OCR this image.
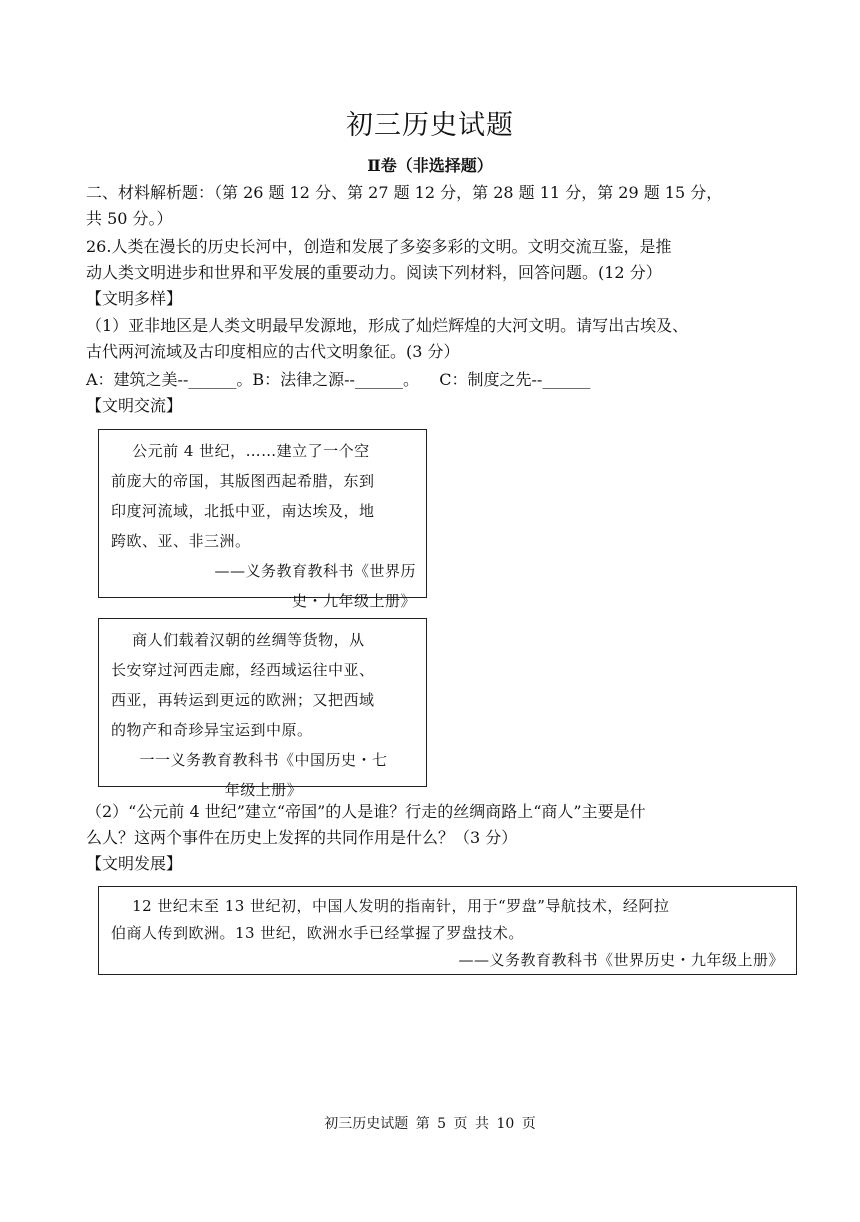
初三历史试题
Ⅱ卷（非选择题）
二、材料解析题：（第 26 题 12 分、第 27 题 12 分，第 28 题 11 分，第 29 题 15 分，
共 50 分。）
26.人类在漫长的历史长河中，创造和发展了多姿多彩的文明。文明交流互鉴，是推
动人类文明进步和世界和平发展的重要动力。阅读下列材料，回答问题。(12 分）
【文明多样】
（1）亚非地区是人类文明最早发源地，形成了灿烂辉煌的大河文明。请写出古埃及、
古代两河流域及古印度相应的古代文明象征。(3 分）
A：建筑之美--______。B：法律之源--______。    C：制度之先--______
【文明交流】

公元前 4 世纪，……建立了一个空

前庞大的帝国，其版图西起希腊，东到

印度河流域，北抵中亚，南达埃及，地

跨欧、亚、非三洲。

——义务教育教科书《世界历

史・九年级上册》

商人们载着汉朝的丝绸等货物，从

长安穿过河西走廊，经西域运往中亚、

西亚，再转运到更远的欧洲；又把西域

的物产和奇珍异宝运到中原。

一一义务教育教科书《中国历史・七

年级上册》

（2）“公元前 4 世纪”建立“帝国”的人是谁？行走的丝绸商路上“商人”主要是什
么人？这两个事件在历史上发挥的共同作用是什么？（3 分）
【文明发展】

12 世纪末至 13 世纪初，中国人发明的指南针，用于“罗盘”导航技术，经阿拉

伯商人传到欧洲。13 世纪，欧洲水手已经掌握了罗盘技术。

——义务教育教科书《世界历史・九年级上册》

初三历史试题 第 5 页 共 10 页
